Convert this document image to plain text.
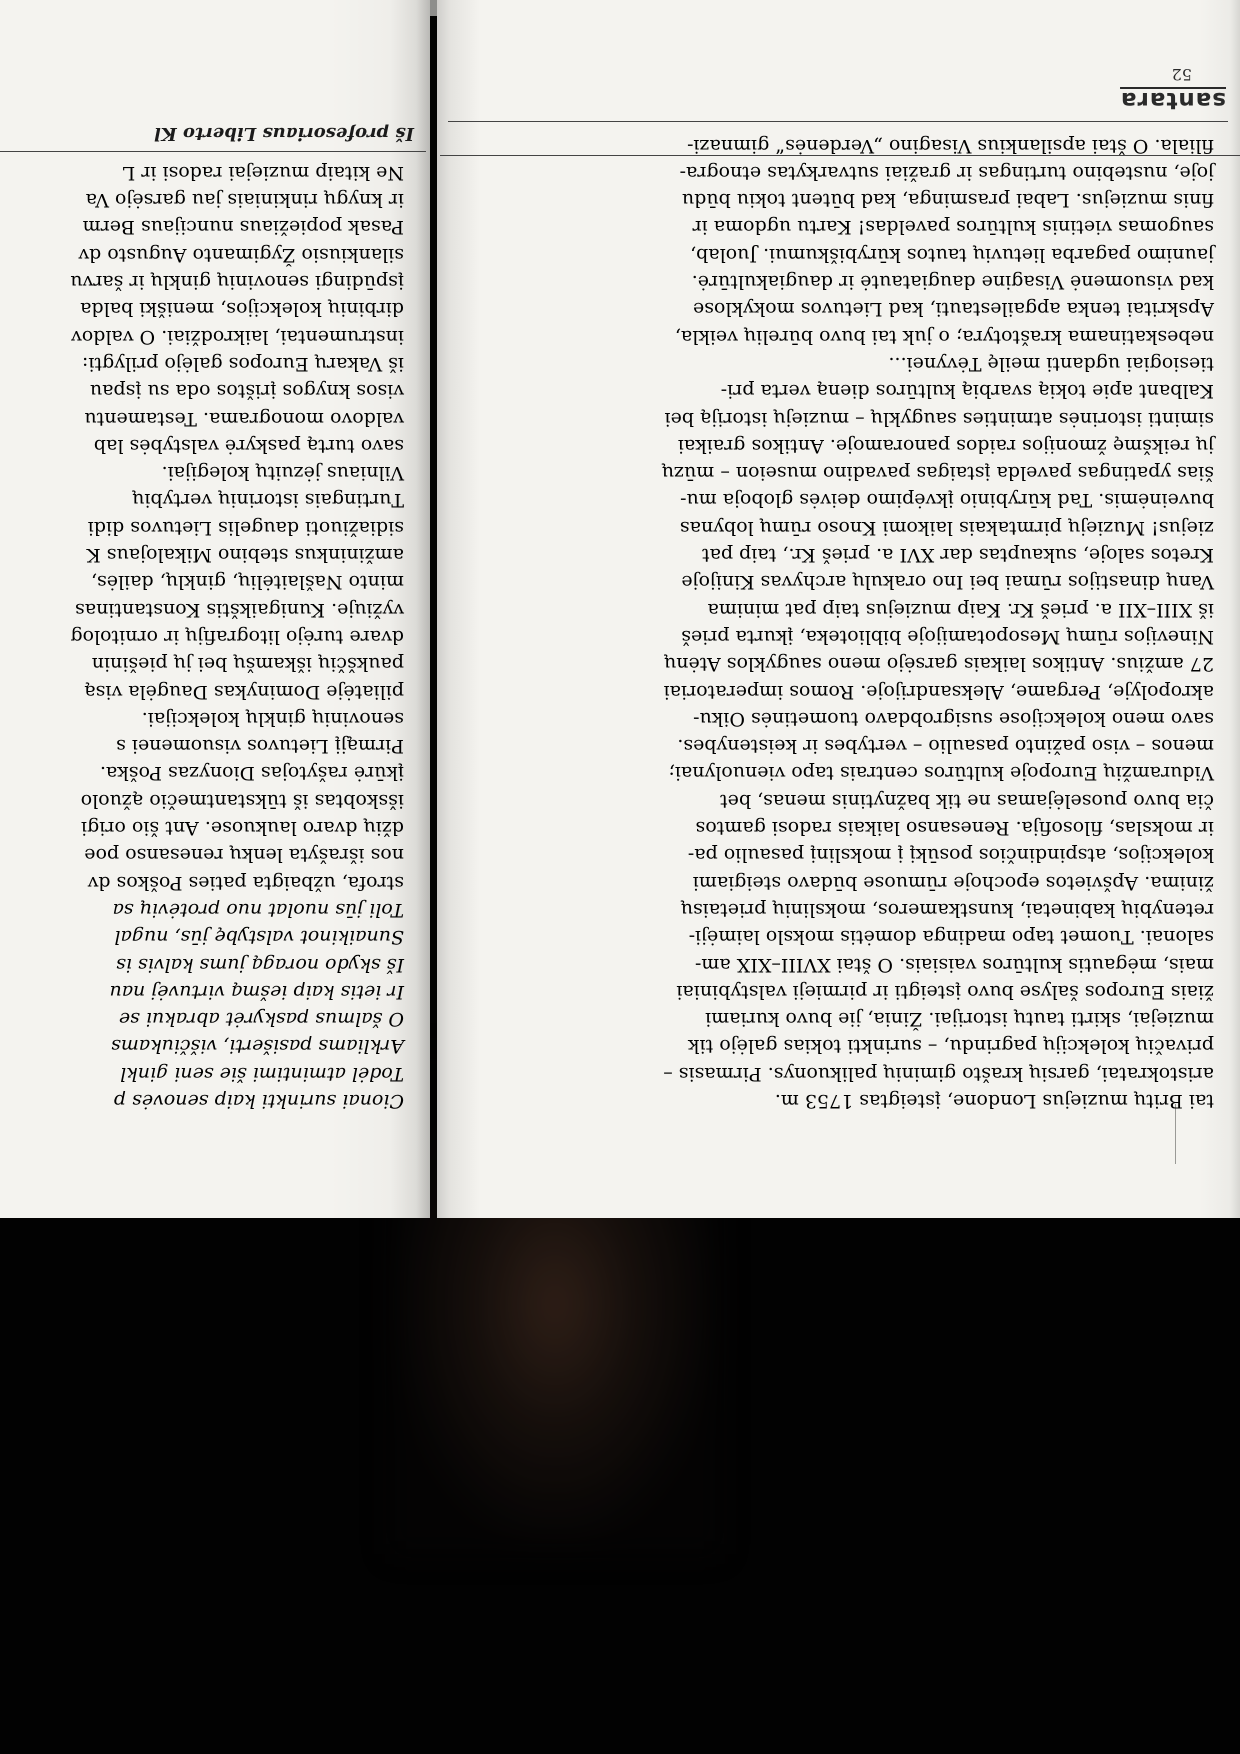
santara
52
tai Britų muziejus Londone, įsteigtas 1753 m.
aristokratai, garsių krašto giminių palikuonys. Pirmasis –
privačių kolekcijų pagrindu, – surinkti tokias galėjo tik
muziejai, skirti tautų istorijai. Žinia, jie buvo kuriami
žiais Europos šalyse buvo įsteigti ir pirmieji valstybiniai
mais, mėgautis kultūros vaisiais. O štai XVIII–XIX am-
salonai. Tuomet tapo madinga domėtis mokslo laimėji-
retenybių kabinetai, kunstkameros, mokslinių prietaisų
žinima. Apšvietos epochoje rūmuose būdavo steigiami
kolekcijos, atspindinčios posūkį į mokslinį pasaulio pa-
ir mokslas, filosofija. Renesanso laikais radosi gamtos
čia buvo puoselėjamas ne tik bažnytinis menas, bet
Viduramžių Europoje kultūros centrais tapo vienuolynai;
menos – viso pažinto pasaulio – vertybes ir keistenybes.
savo meno kolekcijose susigrobdavo tuometinės Oiku-
akropolyje, Pergame, Aleksandrijoje. Romos imperatoriai
27 amžius. Antikos laikais garsėjo meno saugyklos Atėnų
Ninevijos rūmų Mesopotamijoje biblioteka, įkurta prieš
iš XIII–XII a. prieš Kr. Kaip muziejus taip pat minima
Vanų dinastijos rūmai bei Ino orakulų archyvas Kinijoje
Kretos saloje, sukauptas dar XVI a. prieš Kr., taip pat
ziejus! Muziejų pirmtakais laikomi Knoso rūmų lobynas
buveinėmis. Tad kūrybinio įkvėpimo deivės globoja mu-
šias ypatingas pavelda įstaigas pavadino museion – mūzų
jų reikšmę žmonijos raidos panoramoje. Antikos graikai
siminti istorinės atminties saugyklų – muziejų istoriją bei
Kalbant apie tokią svarbią kultūros dieną verta pri-
tiesiogiai ugdanti meilę Tėvynei...
nebeskatinama kraštotyra; o juk tai buvo būrelių veikla,
Apskritai tenka apgailestauti, kad Lietuvos mokyklose
kad visuomenė Visagine daugiatautė ir daugiakultūrė.
jaunimo pagarba lietuvių tautos kūrybiškumui. Juolab,
saugomas vietinis kultūros paveldas! Kartu ugdoma ir
finis muziejus. Labai prasminga, kad būtent tokiu būdu
joje, nustebino turtingas ir gražiai sutvarkytas etnogra-
filiala. O štai apsilankius Visagino „Verdenės“ gimnazi-
Iš profesoriaus Liberto Kl
Cionai surinkti kaip senovės p
Todėl atmintimi šie seni ginkl
Arkliams pasišerti, viščiukams
O šalmus paskyrėt abrakui se
Ir ietis kaip iešmą virtuvėj nau
Iš skydo noragą jums kalvis is
Sunaikinot valstybę jūs, nugal
Toli jūs nuolat nuo protėvių sa
strofa, užbaigta paties Poškos dv
nos išrašyta lenkų renesanso poe
džių dvaro laukuose. Ant šio origi
išskobtas iš tūkstantmečio ąžuolo
įkūrė rašytojas Dionyzas Poška.
Pirmąjį Lietuvos visuomenei s
senovinių ginklų kolekcijai.
piliatėje Dominykas Daugėla visą
paukščių iškamšų bei jų piešinin
dvare turėjo litografijų ir ornitolog
vyžiuje. Kunigaikštis Konstantinas
minto Našlaitėlių, ginklų, dailės,
amžininkus stebino Mikalojaus K
sidiažiuoti daugelis Lietuvos didi
Turtingais istorinių vertybių
Vilniaus jėzuitų kolegijai.
savo turtą paskyrė valstybės lab
valdovo monograma. Testamentu
visos knygos įrištos oda su įspau
iš Vakarų Europos galėjo prilygti:
instrumentai, laikrodžiai. O valdov
dirbinių kolekcijos, meniški balda
įspūdingi senovinių ginklų ir šarvu
silankiusio Žygimanto Augusto dv
Pasak popiežiaus nuncijaus Berm
ir knygų rinkiniais jau garsėjo Va
Ne kitaip muziejai radosi ir L
